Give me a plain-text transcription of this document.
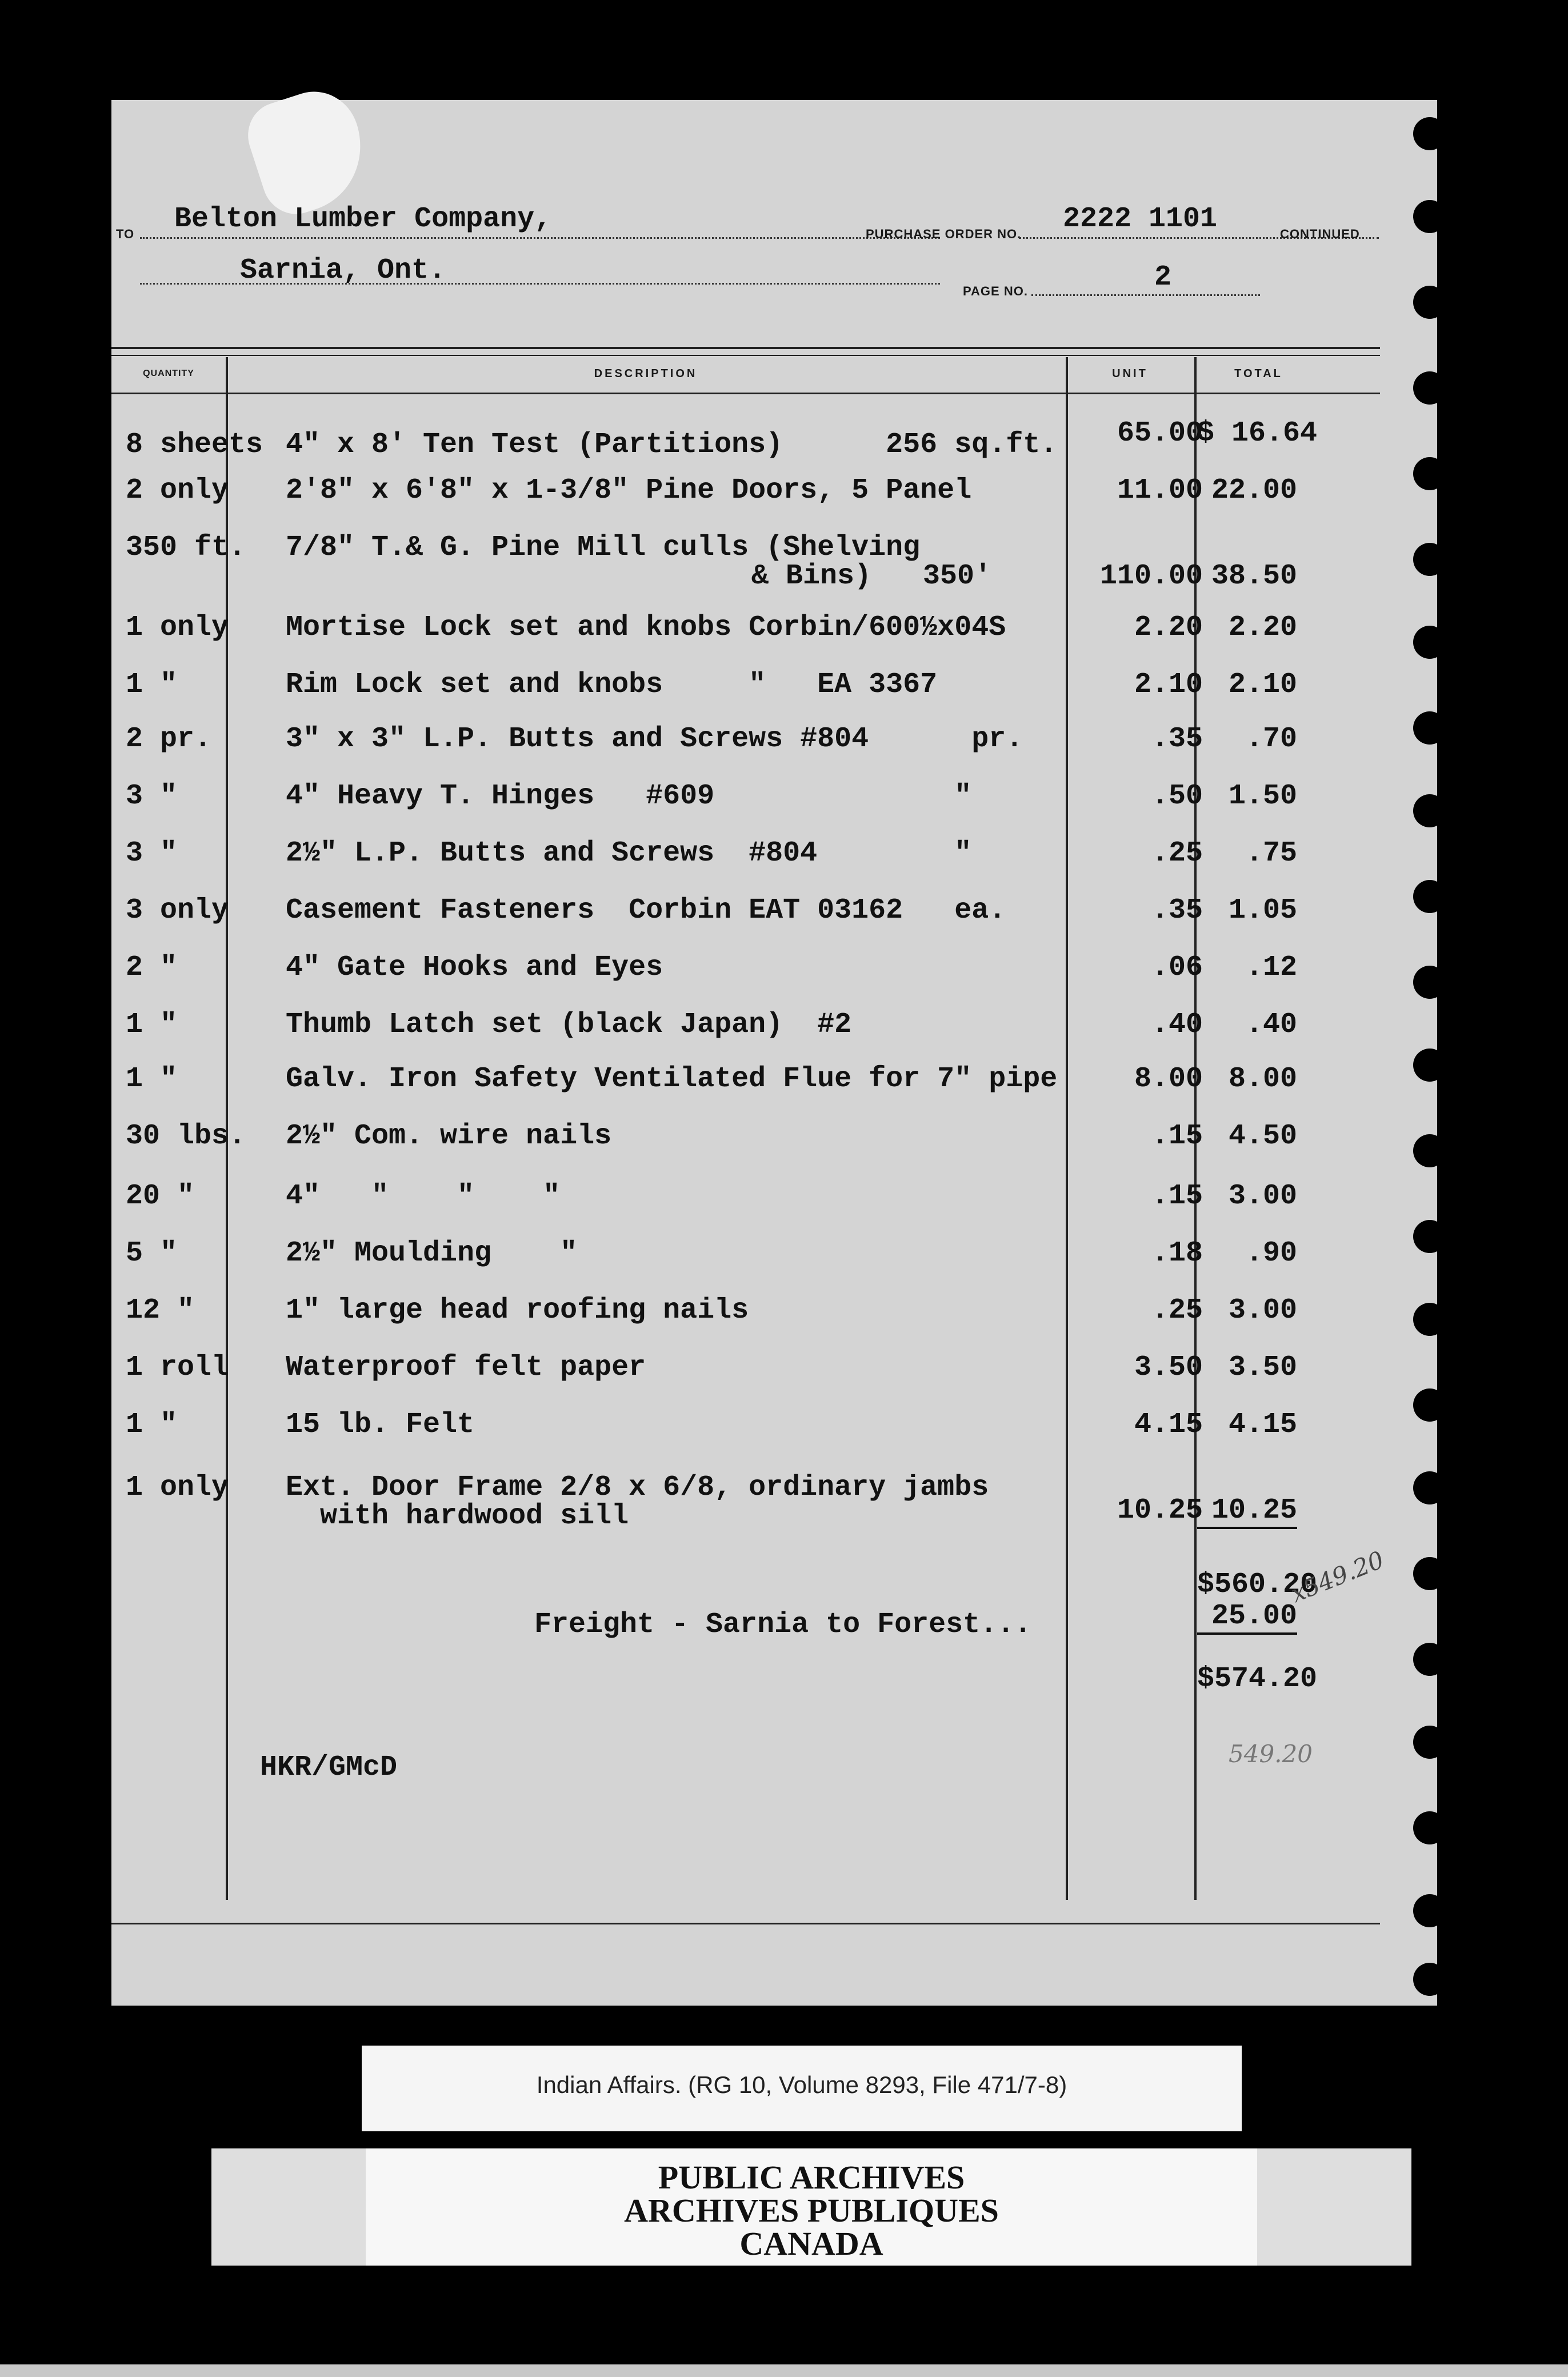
TO Belton Lumber Company,
Sarnia, Ont.
PURCHASE ORDER NO. 2222 1101	CONTINUED
PAGE NO.	2
QUANTITY	DESCRIPTION	UNIT	TOTAL
8 sheets 4" x 8' Ten Test (Partitions)      256 sq.ft.	65.00
$ 16.64
2 only	2'8" x 6'8" x 1-3/8" Pine Doors, 5 Panel	11.00 22.00
350 ft. 7/8" T.& G. Pine Mill culls (Shelving
& Bins)   350'	110.00 38.50
1 only	Mortise Lock set and knobs Corbin/600½x04S	2.20 2.20
1 "	Rim Lock set and knobs     "   EA 3367	2.10 2.10
2 pr.	3" x 3" L.P. Butts and Screws #804      pr.	.35	.70
3 "	4" Heavy T. Hinges   #609              "	.50 1.50
3 "	2½" L.P. Butts and Screws  #804        "	.25	.75
3 only	Casement Fasteners  Corbin EAT 03162   ea.	.35 1.05
2 "	4" Gate Hooks and Eyes	.06	.12
1 "	Thumb Latch set (black Japan)  #2	.40	.40
1 "	Galv. Iron Safety Ventilated Flue for 7" pipe	8.00 8.00
30 lbs. 2½" Com. wire nails	.15 4.50
20 "	4"   "    "    "	.15 3.00
5 "	2½" Moulding    "	.18	.90
12 "	1" large head roofing nails	.25 3.00
1 roll	Waterproof felt paper	3.50 3.50
1 "	15 lb. Felt	4.15 4.15
1 only	Ext. Door Frame 2/8 x 6/8, ordinary jambs
with hardwood sill	10.25 10.25
$560.20
Freight - Sarnia to Forest...	25.00
$574.20
HKR/GMcD
x549.20
549.20
Indian Affairs. (RG 10, Volume 8293, File 471/7-8)
PUBLIC ARCHIVES
ARCHIVES PUBLIQUES
CANADA
